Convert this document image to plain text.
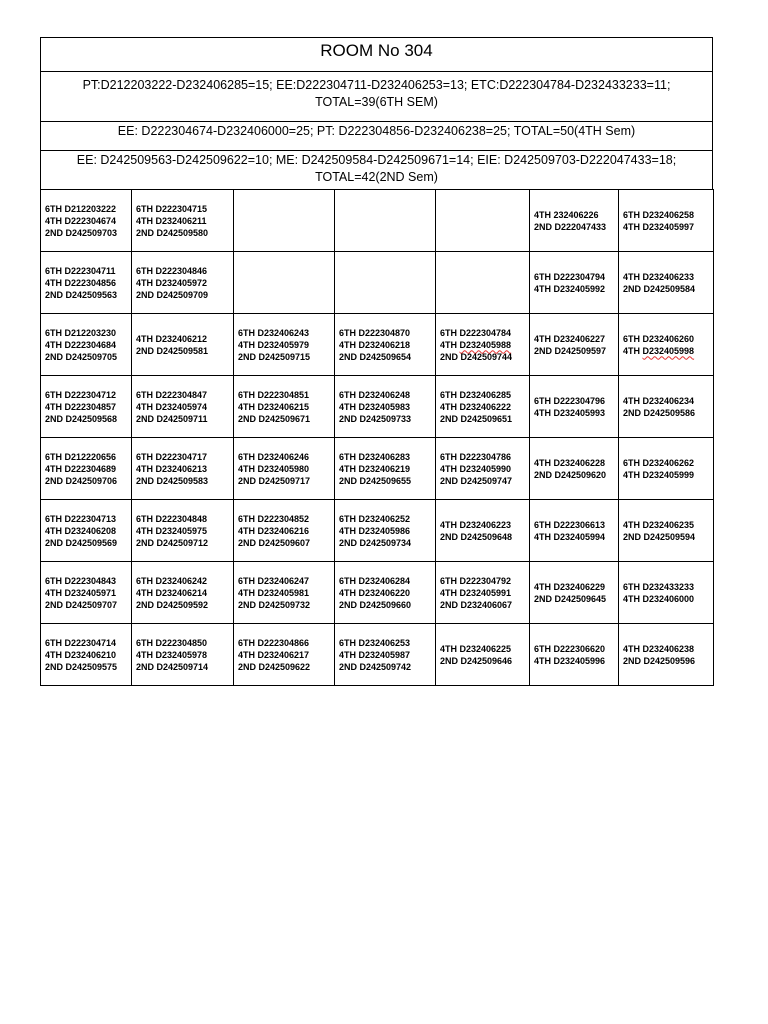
ROOM No 304
PT:D212203222-D232406285=15; EE:D222304711-D232406253=13; ETC:D222304784-D232433233=11;
TOTAL=39(6TH SEM)
EE: D222304674-D232406000=25; PT: D222304856-D232406238=25; TOTAL=50(4TH Sem)
EE: D242509563-D242509622=10; ME: D242509584-D242509671=14; EIE: D242509703-D222047433=18;
TOTAL=42(2ND Sem)
6TH D212203222
4TH D222304674
2ND D242509703	6TH D222304715
4TH D232406211
2ND D242509580				4TH 232406226
2ND D222047433	6TH D232406258
4TH D232405997

6TH D222304711
4TH D222304856
2ND D242509563	6TH D222304846
4TH D232405972
2ND D242509709				6TH D222304794
4TH D232405992	4TH D232406233
2ND D242509584

6TH D212203230
4TH D222304684
2ND D242509705	4TH D232406212
2ND D242509581	6TH D232406243
4TH D232405979
2ND D242509715	6TH D222304870
4TH D232406218
2ND D242509654	6TH D222304784
4TH D232405988
2ND D242509744	4TH D232406227
2ND D242509597	6TH D232406260
4TH D232405998

6TH D222304712
4TH D222304857
2ND D242509568	6TH D222304847
4TH D232405974
2ND D242509711	6TH D222304851
4TH D232406215
2ND D242509671	6TH D232406248
4TH D232405983
2ND D242509733	6TH D232406285
4TH D232406222
2ND D242509651	6TH D222304796
4TH D232405993	4TH D232406234
2ND D242509586

6TH D212220656
4TH D222304689
2ND D242509706	6TH D222304717
4TH D232406213
2ND D242509583	6TH D232406246
4TH D232405980
2ND D242509717	6TH D232406283
4TH D232406219
2ND D242509655	6TH D222304786
4TH D232405990
2ND D242509747	4TH D232406228
2ND D242509620	6TH D232406262
4TH D232405999

6TH D222304713
4TH D232406208
2ND D242509569	6TH D222304848
4TH D232405975
2ND D242509712	6TH D222304852
4TH D232406216
2ND D242509607	6TH D232406252
4TH D232405986
2ND D242509734	4TH D232406223
2ND D242509648	6TH D222306613
4TH D232405994	4TH D232406235
2ND D242509594

6TH D222304843
4TH D232405971
2ND D242509707	6TH D232406242
4TH D232406214
2ND D242509592	6TH D232406247
4TH D232405981
2ND D242509732	6TH D232406284
4TH D232406220
2ND D242509660	6TH D222304792
4TH D232405991
2ND D232406067	4TH D232406229
2ND D242509645	6TH D232433233
4TH D232406000

6TH D222304714
4TH D232406210
2ND D242509575	6TH D222304850
4TH D232405978
2ND D242509714	6TH D222304866
4TH D232406217
2ND D242509622	6TH D232406253
4TH D232405987
2ND D242509742	4TH D232406225
2ND D242509646	6TH D222306620
4TH D232405996	4TH D232406238
2ND D242509596
